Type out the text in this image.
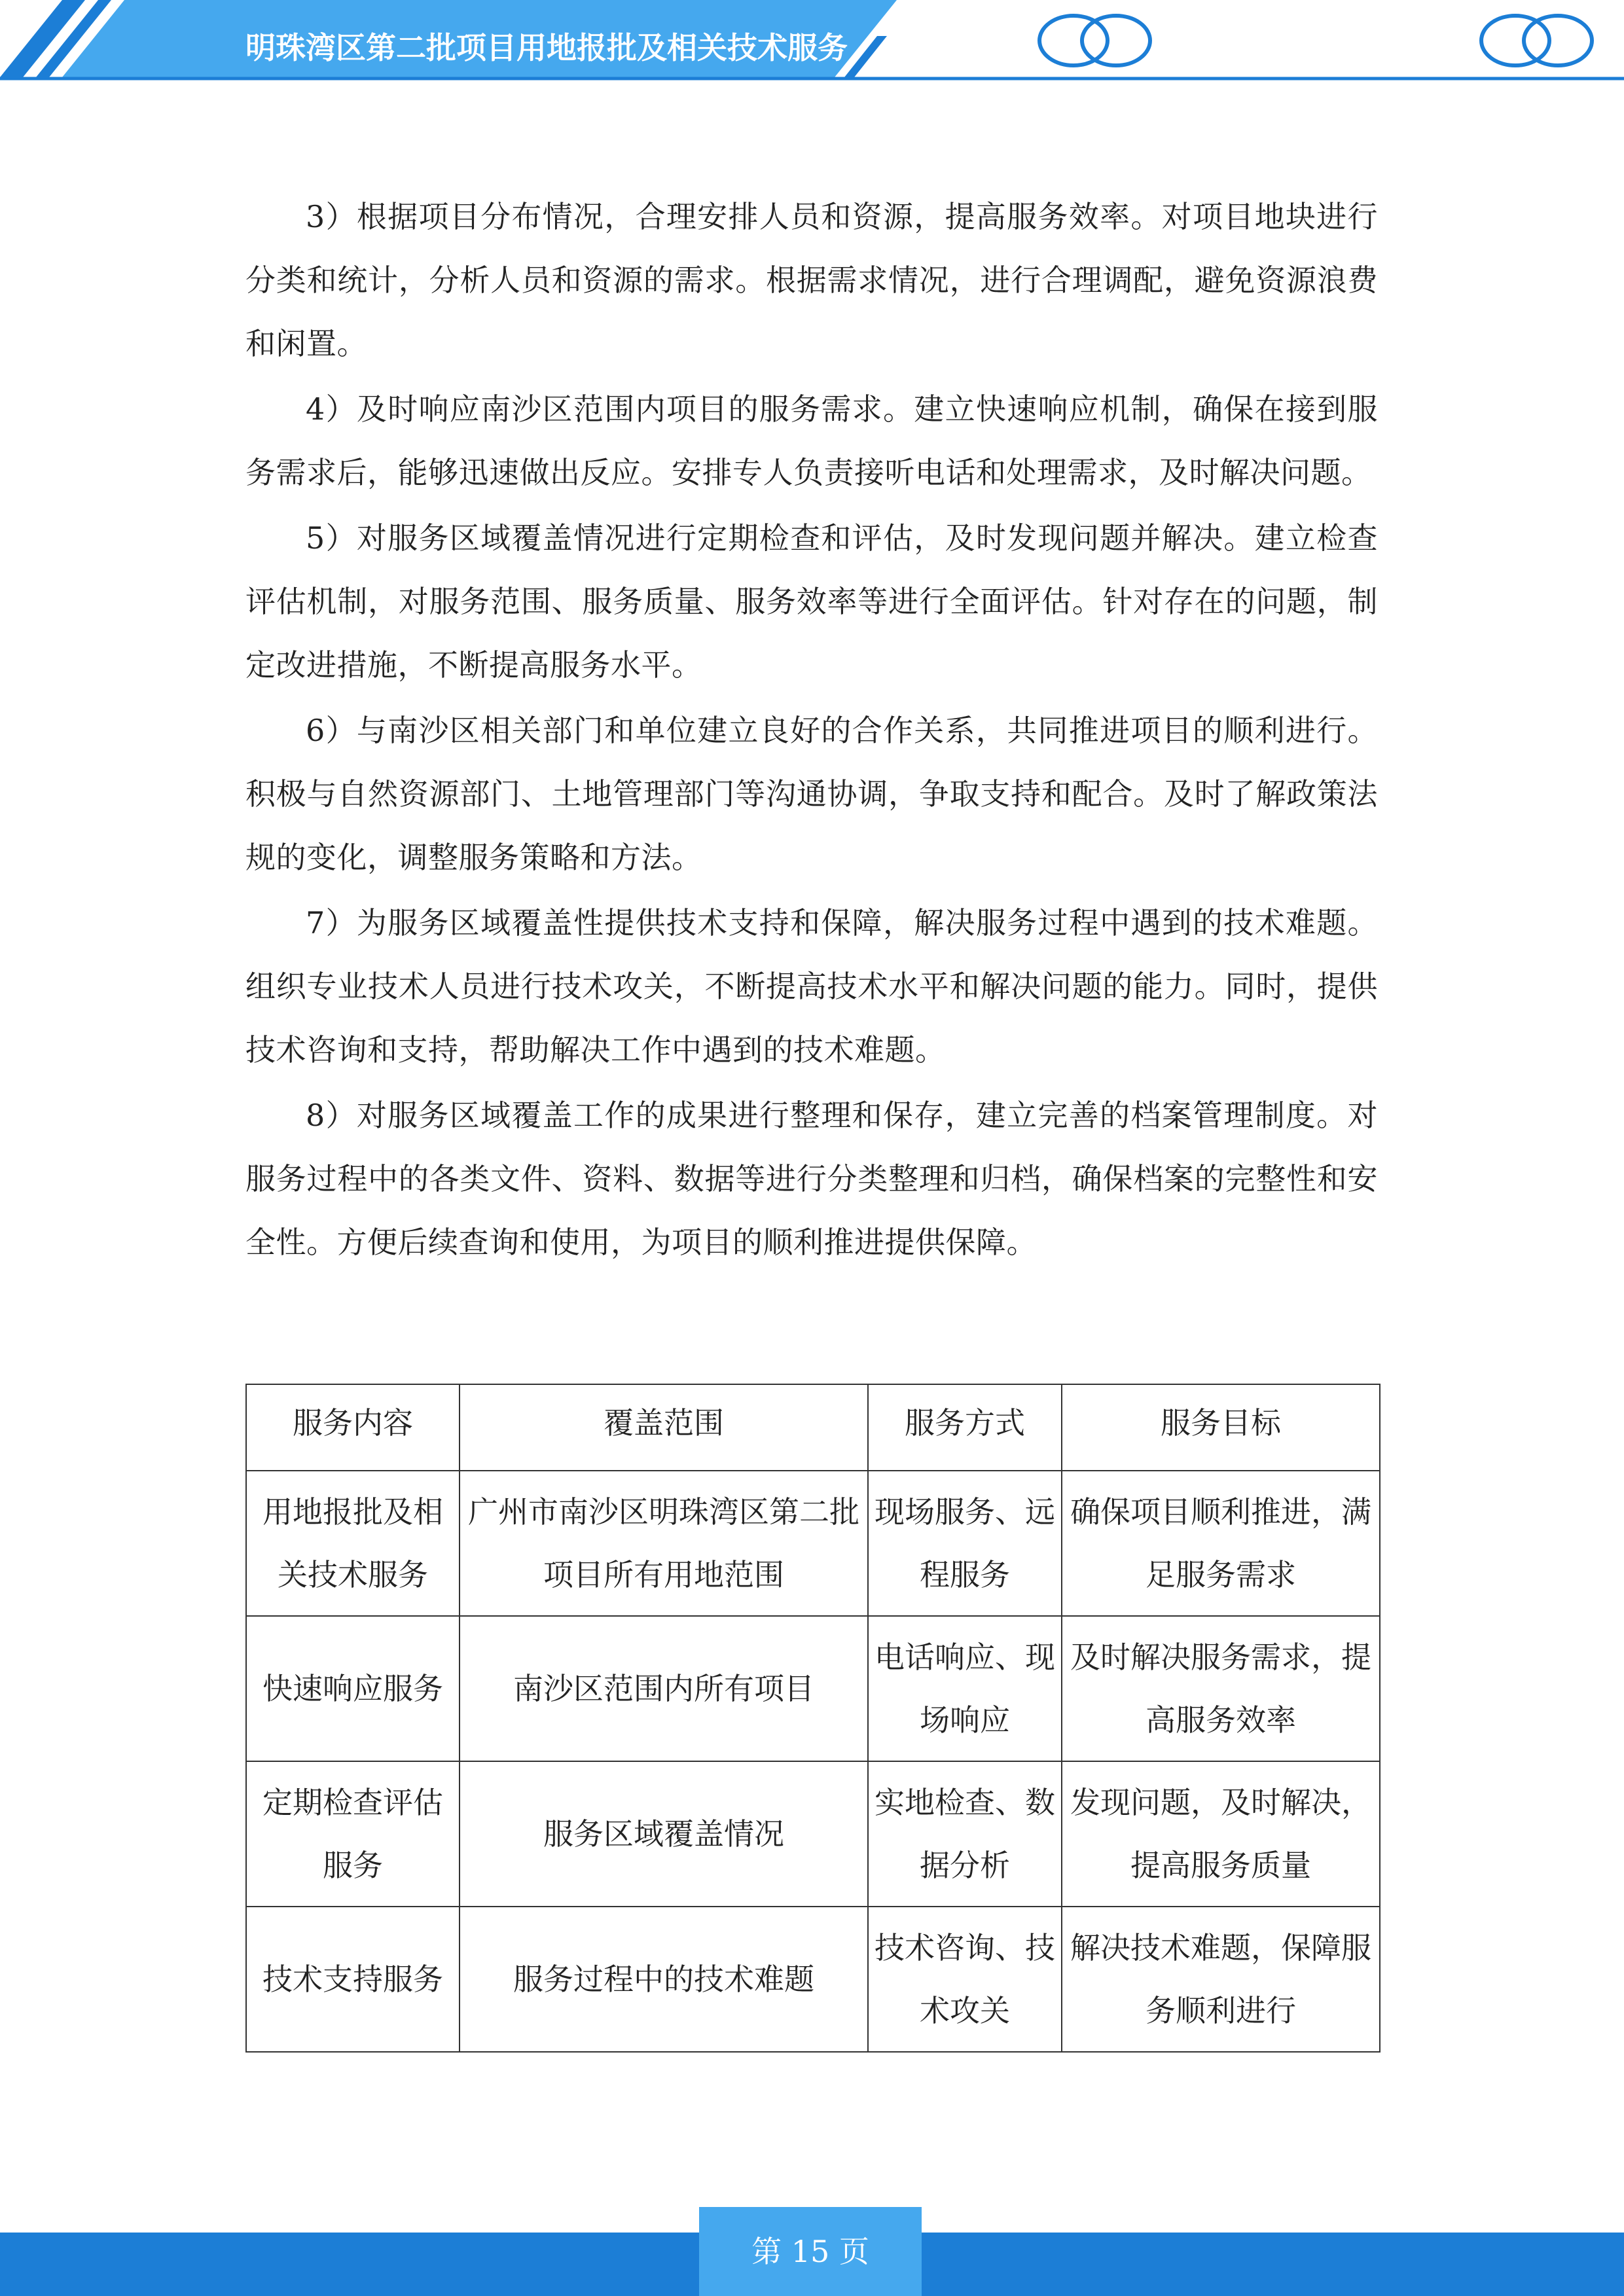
明珠湾区第二批项目用地报批及相关技术服务

3）根据项目分布情况，合理安排人员和资源，提高服务效率。对项目地块进行分类和统计，分析人员和资源的需求。根据需求情况，进行合理调配，避免资源浪费和闲置。

4）及时响应南沙区范围内项目的服务需求。建立快速响应机制，确保在接到服务需求后，能够迅速做出反应。安排专人负责接听电话和处理需求，及时解决问题。

5）对服务区域覆盖情况进行定期检查和评估，及时发现问题并解决。建立检查评估机制，对服务范围、服务质量、服务效率等进行全面评估。针对存在的问题，制定改进措施，不断提高服务水平。

6）与南沙区相关部门和单位建立良好的合作关系，共同推进项目的顺利进行。积极与自然资源部门、土地管理部门等沟通协调，争取支持和配合。及时了解政策法规的变化，调整服务策略和方法。

7）为服务区域覆盖性提供技术支持和保障，解决服务过程中遇到的技术难题。组织专业技术人员进行技术攻关，不断提高技术水平和解决问题的能力。同时，提供技术咨询和支持，帮助解决工作中遇到的技术难题。

8）对服务区域覆盖工作的成果进行整理和保存，建立完善的档案管理制度。对服务过程中的各类文件、资料、数据等进行分类整理和归档，确保档案的完整性和安全性。方便后续查询和使用，为项目的顺利推进提供保障。

服务内容	覆盖范围	服务方式	服务目标
用地报批及相关技术服务	广州市南沙区明珠湾区第二批项目所有用地范围	现场服务、远程服务	确保项目顺利推进，满足服务需求
快速响应服务	南沙区范围内所有项目	电话响应、现场响应	及时解决服务需求，提高服务效率
定期检查评估服务	服务区域覆盖情况	实地检查、数据分析	发现问题，及时解决，提高服务质量
技术支持服务	服务过程中的技术难题	技术咨询、技术攻关	解决技术难题，保障服务顺利进行
第 15 页
